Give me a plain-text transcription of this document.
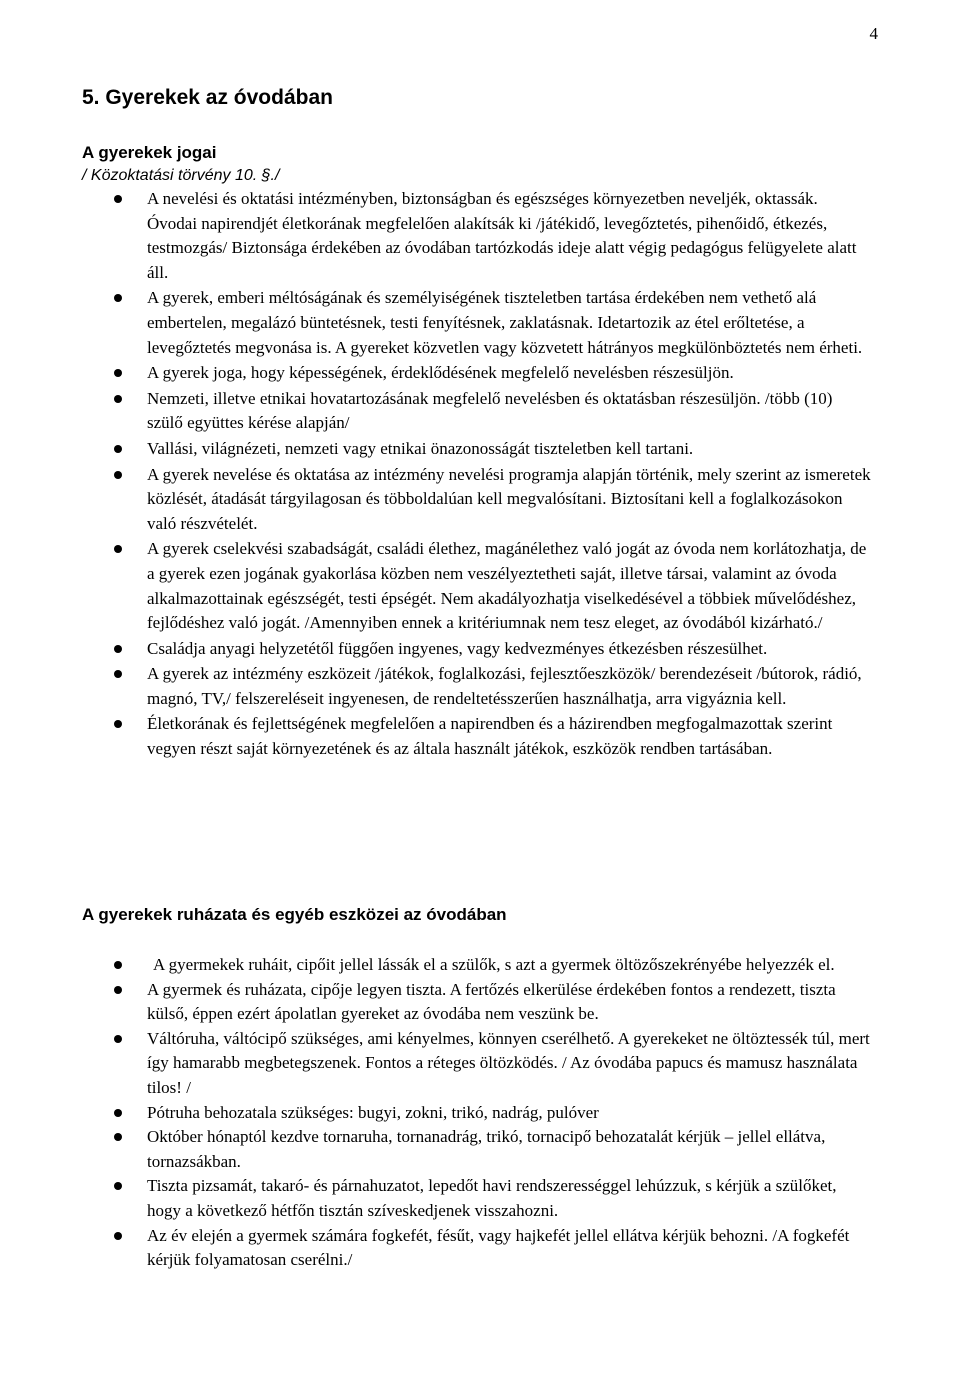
4
5. Gyerekek az óvodában
A gyerekek jogai
/ Közoktatási törvény 10. §./
A nevelési és oktatási intézményben, biztonságban és egészséges környezetben neveljék, oktassák. Óvodai napirendjét életkorának megfelelően alakítsák ki /játékidő, levegőztetés, pihenőidő, étkezés, testmozgás/ Biztonsága érdekében az óvodában tartózkodás ideje alatt végig pedagógus felügyelete alatt áll.
A gyerek, emberi méltóságának és személyiségének tiszteletben tartása érdekében nem vethető alá embertelen, megalázó büntetésnek, testi fenyítésnek, zaklatásnak. Idetartozik az étel erőltetése, a levegőztetés megvonása is. A gyereket közvetlen vagy közvetett hátrányos megkülönböztetés nem érheti.
A gyerek joga, hogy képességének, érdeklődésének megfelelő nevelésben részesüljön.
Nemzeti, illetve etnikai hovatartozásának megfelelő nevelésben és oktatásban részesüljön. /több (10) szülő együttes kérése alapján/
Vallási, világnézeti, nemzeti vagy etnikai önazonosságát tiszteletben kell tartani.
A gyerek nevelése és oktatása az intézmény nevelési programja alapján történik, mely szerint az ismeretek közlését, átadását tárgyilagosan és többoldalúan kell megvalósítani. Biztosítani kell a foglalkozásokon való részvételét.
A gyerek cselekvési szabadságát, családi élethez, magánélethez való jogát az óvoda nem korlátozhatja, de a gyerek ezen jogának gyakorlása közben nem veszélyeztetheti saját, illetve társai, valamint az óvoda alkalmazottainak egészségét, testi épségét. Nem akadályozhatja viselkedésével a többiek művelődéshez, fejlődéshez való jogát. /Amennyiben ennek a kritériumnak nem tesz eleget, az óvodából kizárható./
Családja anyagi helyzetétől függően ingyenes, vagy kedvezményes étkezésben részesülhet.
A gyerek az intézmény eszközeit /játékok, foglalkozási, fejlesztőeszközök/ berendezéseit /bútorok, rádió, magnó, TV,/ felszereléseit ingyenesen, de rendeltetésszerűen használhatja, arra vigyáznia kell.
Életkorának és fejlettségének megfelelően a napirendben és a házirendben megfogalmazottak szerint vegyen részt saját környezetének és az általa használt játékok, eszközök rendben tartásában.
A gyerekek ruházata és egyéb eszközei az óvodában
A gyermekek ruháit, cipőit jellel lássák el a szülők, s azt a gyermek öltözőszekrényébe helyezzék el.
A gyermek és ruházata, cipője legyen tiszta. A fertőzés elkerülése érdekében fontos a rendezett, tiszta külső, éppen ezért ápolatlan gyereket az óvodába nem veszünk be.
Váltóruha, váltócipő szükséges, ami kényelmes, könnyen cserélhető. A gyerekeket ne öltöztessék túl, mert így hamarabb megbetegszenek. Fontos a réteges öltözködés. / Az óvodába papucs és mamusz használata tilos! /
Pótruha behozatala szükséges: bugyi, zokni, trikó, nadrág, pulóver
Október hónaptól kezdve tornaruha, tornanadrág, trikó, tornacipő behozatalát kérjük – jellel ellátva, tornazsákban.
Tiszta pizsamát, takaró- és párnahuzatot, lepedőt havi rendszerességgel lehúzzuk, s kérjük a szülőket, hogy a következő hétfőn tisztán szíveskedjenek visszahozni.
Az év elején a gyermek számára fogkefét, fésűt, vagy hajkefét jellel ellátva kérjük behozni. /A fogkefét kérjük folyamatosan cserélni./
